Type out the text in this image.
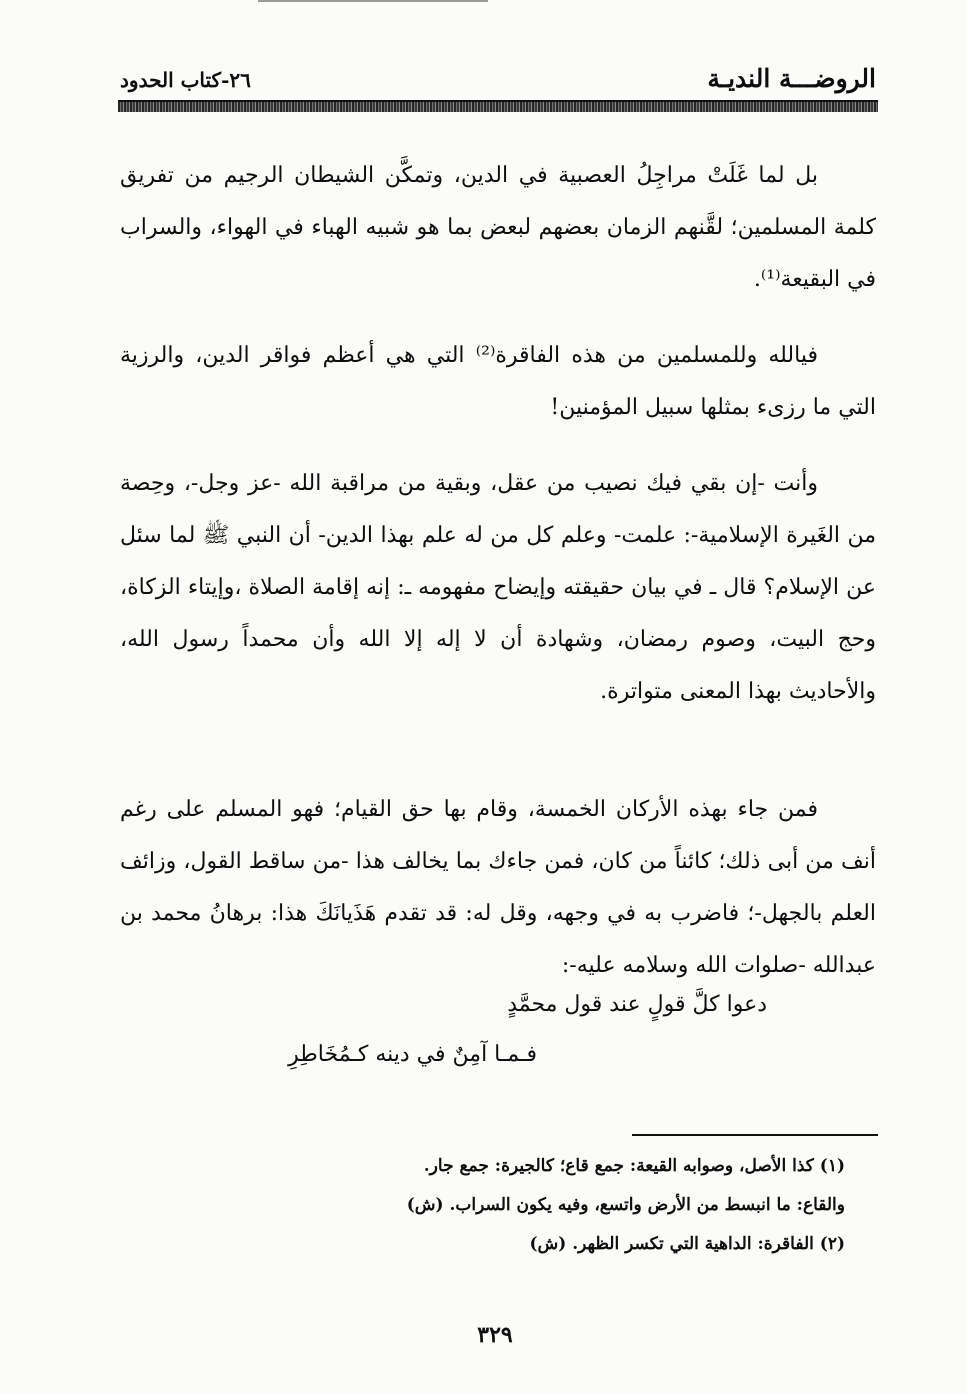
الروضـــة النديـة
٢٦-كتاب الحدود

بل لما غَلَتْ مراجِلُ العصبية في الدين، وتمكَّن الشيطان الرجيم من تفريق كلمة المسلمين؛ لقَّنهم الزمان بعضهم لبعض بما هو شبيه الهباء في الهواء، والسراب في البقيعة⁽¹⁾.

فيالله وللمسلمين من هذه الفاقرة⁽²⁾ التي هي أعظم فواقر الدين، والرزية التي ما رزىء بمثلها سبيل المؤمنين!

وأنت -إن بقي فيك نصيب من عقل، وبقية من مراقبة الله -عز وجل-، وحِصة من الغَيرة الإسلامية-: علمت- وعلم كل من له علم بهذا الدين- أن النبي ﷺ لما سئل عن الإسلام؟ قال ـ في بيان حقيقته وإيضاح مفهومه ـ: إنه إقامة الصلاة ،وإيتاء الزكاة، وحج البيت، وصوم رمضان، وشهادة أن لا إله إلا الله وأن محمداً رسول الله، والأحاديث بهذا المعنى متواترة.

فمن جاء بهذه الأركان الخمسة، وقام بها حق القيام؛ فهو المسلم على رغم أنف من أبى ذلك؛ كائناً من كان، فمن جاءك بما يخالف هذا -من ساقط القول، وزائف العلم بالجهل-؛ فاضرب به في وجهه، وقل له: قد تقدم هَذَيانَكَ هذا: برهانُ محمد بن عبدالله -صلوات الله وسلامه عليه-:

دعوا كلَّ قولٍ عند قول محمَّدٍ
فـمـا آمِنٌ في دينه كـمُخَاطِرِ
(١) كذا الأصل، وصوابه القيعة: جمع قاع؛ كالجيرة: جمع جار.
والقاع: ما انبسط من الأرض واتسع، وفيه يكون السراب. (ش)
(٢) الفاقرة: الداهية التي تكسر الظهر. (ش)
٣٢٩
